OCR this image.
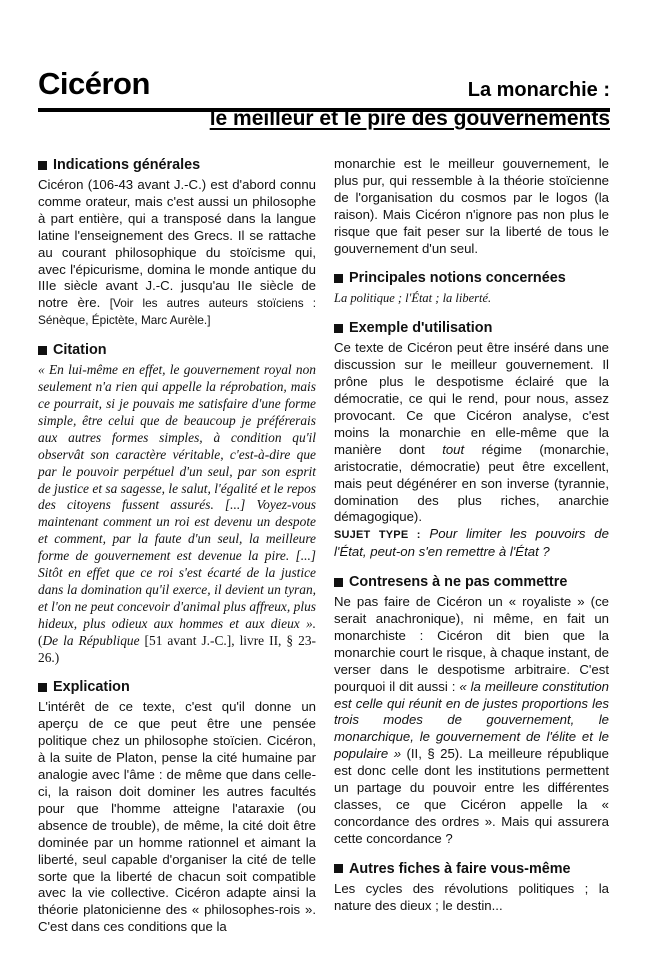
Cicéron	La monarchie :
le meilleur et le pire des gouvernements
Indications générales

Cicéron (106-43 avant J.-C.) est d'abord connu comme orateur, mais c'est aussi un philosophe à part entière, qui a transposé dans la langue latine l'enseignement des Grecs. Il se rattache au courant philosophique du stoïcisme qui, avec l'épicurisme, domina le monde antique du IIIe siècle avant J.-C. jusqu'au IIe siècle de notre ère. [Voir les autres auteurs stoïciens : Sénèque, Épictète, Marc Aurèle.]

Citation

« En lui-même en effet, le gouvernement royal non seulement n'a rien qui appelle la réprobation, mais ce pourrait, si je pouvais me satisfaire d'une forme simple, être celui que de beaucoup je préférerais aux autres formes simples, à condition qu'il observât son caractère véritable, c'est-à-dire que par le pouvoir perpétuel d'un seul, par son esprit de justice et sa sagesse, le salut, l'égalité et le repos des citoyens fussent assurés. [...] Voyez-vous maintenant comment un roi est devenu un despote et comment, par la faute d'un seul, la meilleure forme de gouvernement est devenue la pire. [...] Sitôt en effet que ce roi s'est écarté de la justice dans la domination qu'il exerce, il devient un tyran, et l'on ne peut concevoir d'animal plus affreux, plus hideux, plus odieux aux hommes et aux dieux ». (De la République [51 avant J.-C.], livre II, § 23-26.)

Explication

L'intérêt de ce texte, c'est qu'il donne un aperçu de ce que peut être une pensée politique chez un philosophe stoïcien. Cicéron, à la suite de Platon, pense la cité humaine par analogie avec l'âme : de même que dans celle-ci, la raison doit dominer les autres facultés pour que l'homme atteigne l'ataraxie (ou absence de trouble), de même, la cité doit être dominée par un homme rationnel et aimant la liberté, seul capable d'organiser la cité de telle sorte que la liberté de chacun soit compatible avec la vie collective. Cicéron adapte ainsi la théorie platonicienne des « philosophes-rois ». C'est dans ces conditions que la

monarchie est le meilleur gouvernement, le plus pur, qui ressemble à la théorie stoïcienne de l'organisation du cosmos par le logos (la raison). Mais Cicéron n'ignore pas non plus le risque que fait peser sur la liberté de tous le gouvernement d'un seul.

Principales notions concernées

La politique ; l'État ; la liberté.

Exemple d'utilisation

Ce texte de Cicéron peut être inséré dans une discussion sur le meilleur gouvernement. Il prône plus le despotisme éclairé que la démocratie, ce qui le rend, pour nous, assez provocant. Ce que Cicéron analyse, c'est moins la monarchie en elle-même que la manière dont tout régime (monarchie, aristocratie, démocratie) peut être excellent, mais peut dégénérer en son inverse (tyrannie, domination des plus riches, anarchie démagogique).

SUJET TYPE : Pour limiter les pouvoirs de l'État, peut-on s'en remettre à l'État ?

Contresens à ne pas commettre

Ne pas faire de Cicéron un « royaliste » (ce serait anachronique), ni même, en fait un monarchiste : Cicéron dit bien que la monarchie court le risque, à chaque instant, de verser dans le despotisme arbitraire. C'est pourquoi il dit aussi : « la meilleure constitution est celle qui réunit en de justes proportions les trois modes de gouvernement, le monarchique, le gouvernement de l'élite et le populaire » (II, § 25). La meilleure république est donc celle dont les institutions permettent un partage du pouvoir entre les différentes classes, ce que Cicéron appelle la « concordance des ordres ». Mais qui assurera cette concordance ?

Autres fiches à faire vous-même

Les cycles des révolutions politiques ; la nature des dieux ; le destin...
